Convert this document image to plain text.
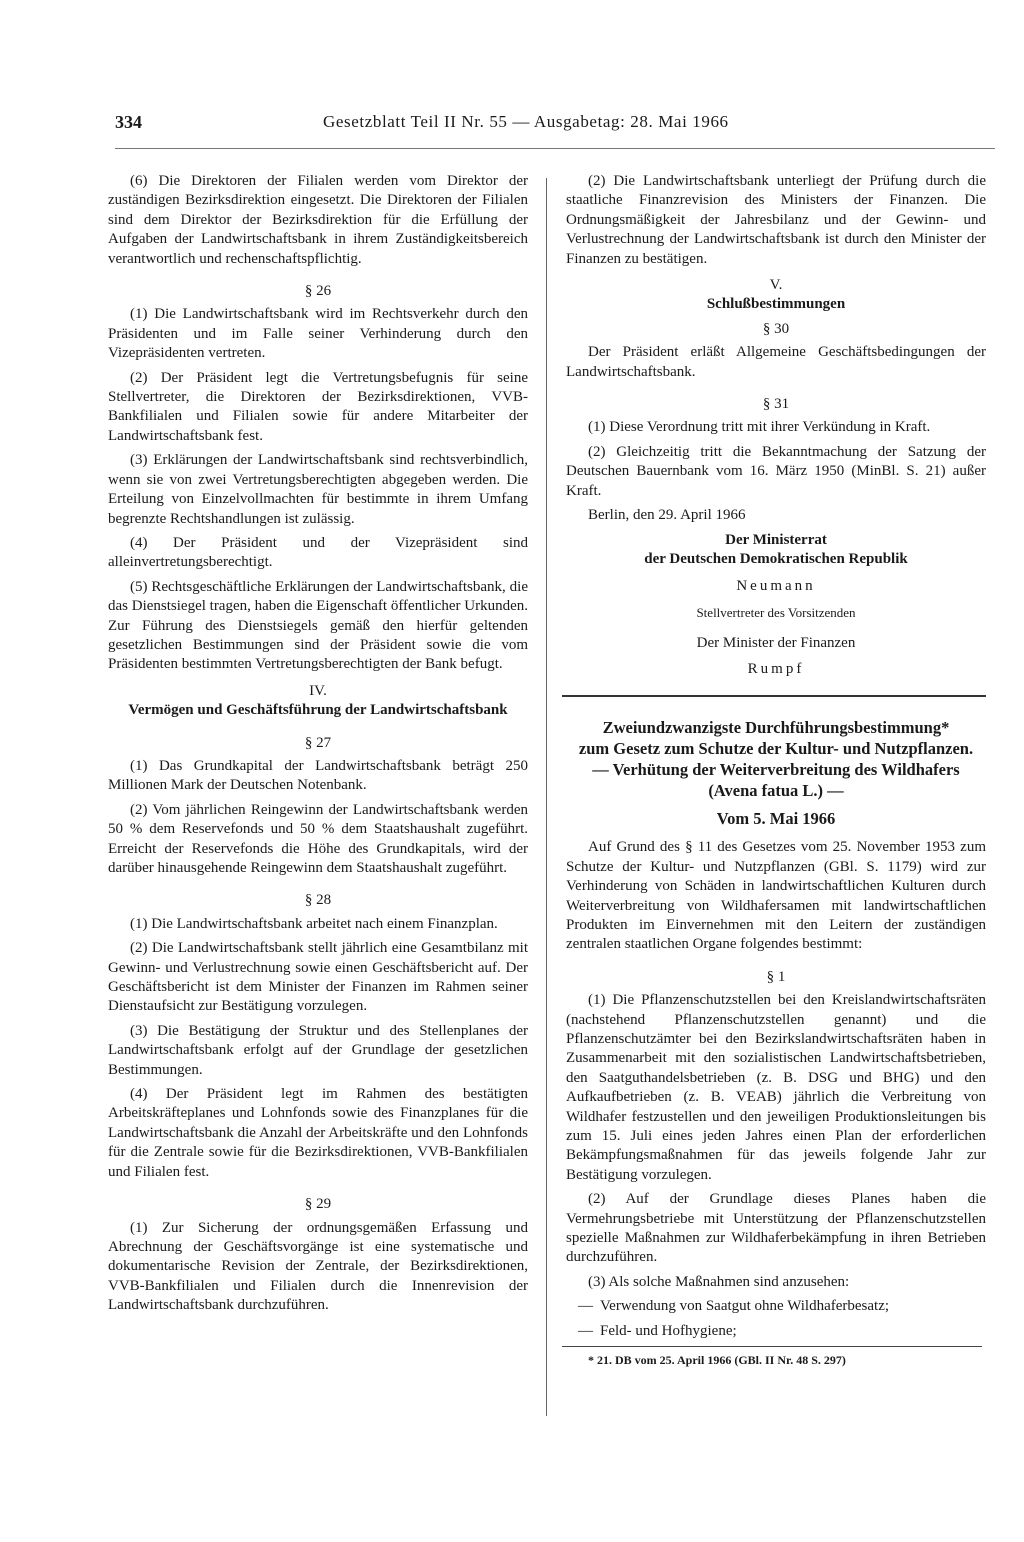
334	Gesetzblatt Teil II Nr. 55 — Ausgabetag: 28. Mai 1966

(6) Die Direktoren der Filialen werden vom Direktor der zuständigen Bezirksdirektion eingesetzt. Die Direktoren der Filialen sind dem Direktor der Bezirksdirektion für die Erfüllung der Aufgaben der Landwirtschaftsbank in ihrem Zuständigkeitsbereich verantwortlich und rechenschaftspflichtig.

§ 26

(1) Die Landwirtschaftsbank wird im Rechtsverkehr durch den Präsidenten und im Falle seiner Verhinderung durch den Vizepräsidenten vertreten.

(2) Der Präsident legt die Vertretungsbefugnis für seine Stellvertreter, die Direktoren der Bezirksdirektionen, VVB-Bankfilialen und Filialen sowie für andere Mitarbeiter der Landwirtschaftsbank fest.

(3) Erklärungen der Landwirtschaftsbank sind rechtsverbindlich, wenn sie von zwei Vertretungsberechtigten abgegeben werden. Die Erteilung von Einzelvollmachten für bestimmte in ihrem Umfang begrenzte Rechtshandlungen ist zulässig.

(4) Der Präsident und der Vizepräsident sind alleinvertretungsberechtigt.

(5) Rechtsgeschäftliche Erklärungen der Landwirtschaftsbank, die das Dienstsiegel tragen, haben die Eigenschaft öffentlicher Urkunden. Zur Führung des Dienstsiegels gemäß den hierfür geltenden gesetzlichen Bestimmungen sind der Präsident sowie die vom Präsidenten bestimmten Vertretungsberechtigten der Bank befugt.

IV.

Vermögen und Geschäftsführung der Landwirtschaftsbank

§ 27

(1) Das Grundkapital der Landwirtschaftsbank beträgt 250 Millionen Mark der Deutschen Notenbank.

(2) Vom jährlichen Reingewinn der Landwirtschaftsbank werden 50 % dem Reservefonds und 50 % dem Staatshaushalt zugeführt. Erreicht der Reservefonds die Höhe des Grundkapitals, wird der darüber hinausgehende Reingewinn dem Staatshaushalt zugeführt.

§ 28

(1) Die Landwirtschaftsbank arbeitet nach einem Finanzplan.

(2) Die Landwirtschaftsbank stellt jährlich eine Gesamtbilanz mit Gewinn- und Verlustrechnung sowie einen Geschäftsbericht auf. Der Geschäftsbericht ist dem Minister der Finanzen im Rahmen seiner Dienstaufsicht zur Bestätigung vorzulegen.

(3) Die Bestätigung der Struktur und des Stellenplanes der Landwirtschaftsbank erfolgt auf der Grundlage der gesetzlichen Bestimmungen.

(4) Der Präsident legt im Rahmen des bestätigten Arbeitskräfteplanes und Lohnfonds sowie des Finanzplanes für die Landwirtschaftsbank die Anzahl der Arbeitskräfte und den Lohnfonds für die Zentrale sowie für die Bezirksdirektionen, VVB-Bankfilialen und Filialen fest.

§ 29

(1) Zur Sicherung der ordnungsgemäßen Erfassung und Abrechnung der Geschäftsvorgänge ist eine systematische und dokumentarische Revision der Zentrale, der Bezirksdirektionen, VVB-Bankfilialen und Filialen durch die Innenrevision der Landwirtschaftsbank durchzuführen.

(2) Die Landwirtschaftsbank unterliegt der Prüfung durch die staatliche Finanzrevision des Ministers der Finanzen. Die Ordnungsmäßigkeit der Jahresbilanz und der Gewinn- und Verlustrechnung der Landwirtschaftsbank ist durch den Minister der Finanzen zu bestätigen.

V.

Schlußbestimmungen

§ 30

Der Präsident erläßt Allgemeine Geschäftsbedingungen der Landwirtschaftsbank.

§ 31

(1) Diese Verordnung tritt mit ihrer Verkündung in Kraft.

(2) Gleichzeitig tritt die Bekanntmachung der Satzung der Deutschen Bauernbank vom 16. März 1950 (MinBl. S. 21) außer Kraft.

Berlin, den 29. April 1966

Der Ministerrat

der Deutschen Demokratischen Republik

Neumann

Stellvertreter des Vorsitzenden

Der Minister der Finanzen

Rumpf

Zweiundzwanzigste Durchführungsbestimmung*

zum Gesetz zum Schutze der Kultur- und Nutzpflanzen.

— Verhütung der Weiterverbreitung des Wildhafers (Avena fatua L.) —

Vom 5. Mai 1966

Auf Grund des § 11 des Gesetzes vom 25. November 1953 zum Schutze der Kultur- und Nutzpflanzen (GBl. S. 1179) wird zur Verhinderung von Schäden in landwirtschaftlichen Kulturen durch Weiterverbreitung von Wildhafersamen mit landwirtschaftlichen Produkten im Einvernehmen mit den Leitern der zuständigen zentralen staatlichen Organe folgendes bestimmt:

§ 1

(1) Die Pflanzenschutzstellen bei den Kreislandwirtschaftsräten (nachstehend Pflanzenschutzstellen genannt) und die Pflanzenschutzämter bei den Bezirkslandwirtschaftsräten haben in Zusammenarbeit mit den sozialistischen Landwirtschaftsbetrieben, den Saatguthandelsbetrieben (z. B. DSG und BHG) und den Aufkaufbetrieben (z. B. VEAB) jährlich die Verbreitung von Wildhafer festzustellen und den jeweiligen Produktionsleitungen bis zum 15. Juli eines jeden Jahres einen Plan der erforderlichen Bekämpfungsmaßnahmen für das jeweils folgende Jahr zur Bestätigung vorzulegen.

(2) Auf der Grundlage dieses Planes haben die Vermehrungsbetriebe mit Unterstützung der Pflanzenschutzstellen spezielle Maßnahmen zur Wildhaferbekämpfung in ihren Betrieben durchzuführen.

(3) Als solche Maßnahmen sind anzusehen:

— Verwendung von Saatgut ohne Wildhaferbesatz;
— Feld- und Hofhygiene;

* 21. DB vom 25. April 1966 (GBl. II Nr. 48 S. 297)
